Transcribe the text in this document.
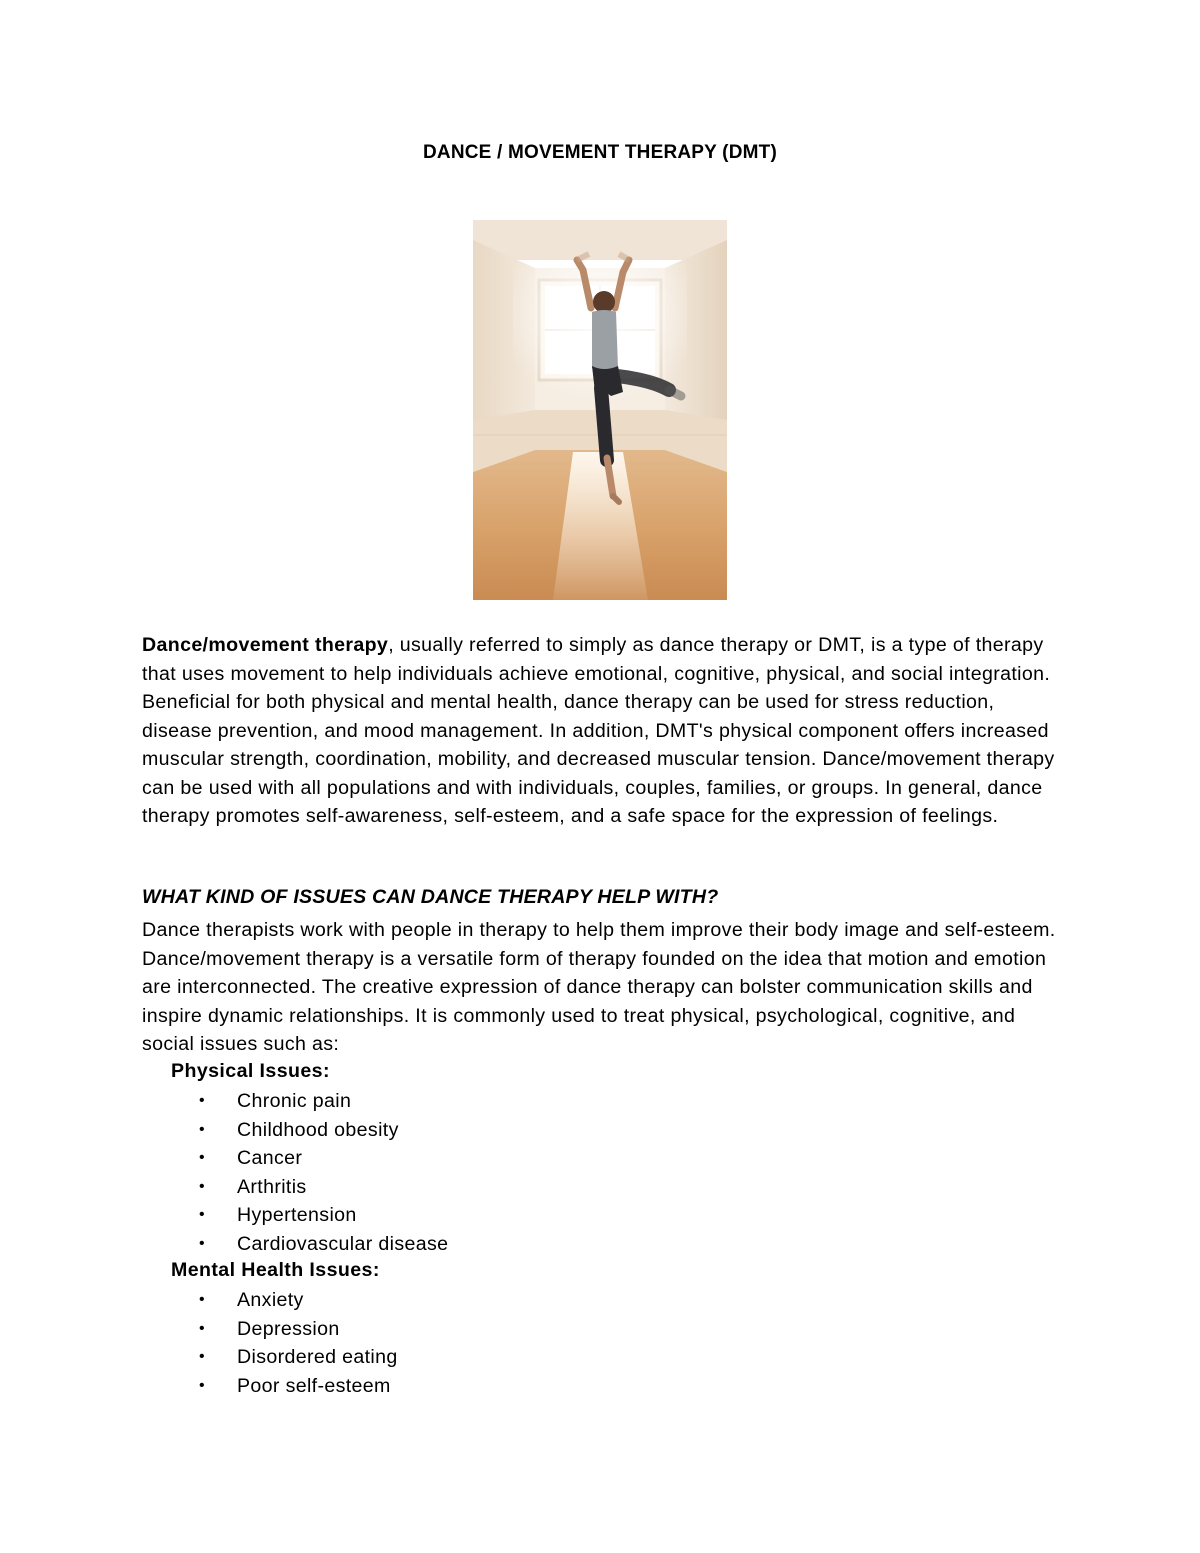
DANCE / MOVEMENT THERAPY (DMT)
Dance/movement therapy, usually referred to simply as dance therapy or DMT, is a type of therapy that uses movement to help individuals achieve emotional, cognitive, physical, and social integration. Beneficial for both physical and mental health, dance therapy can be used for stress reduction, disease prevention, and mood management. In addition, DMT's physical component offers increased muscular strength, coordination, mobility, and decreased muscular tension. Dance/movement therapy can be used with all populations and with individuals, couples, families, or groups. In general, dance therapy promotes self-awareness, self-esteem, and a safe space for the expression of feelings.
WHAT KIND OF ISSUES CAN DANCE THERAPY HELP WITH?
Dance therapists work with people in therapy to help them improve their body image and self-esteem. Dance/movement therapy is a versatile form of therapy founded on the idea that motion and emotion are interconnected. The creative expression of dance therapy can bolster communication skills and inspire dynamic relationships. It is commonly used to treat physical, psychological, cognitive, and social issues such as:
Physical Issues:
• Chronic pain
• Childhood obesity
• Cancer
• Arthritis
• Hypertension
• Cardiovascular disease
Mental Health Issues:
• Anxiety
• Depression
• Disordered eating
• Poor self-esteem
